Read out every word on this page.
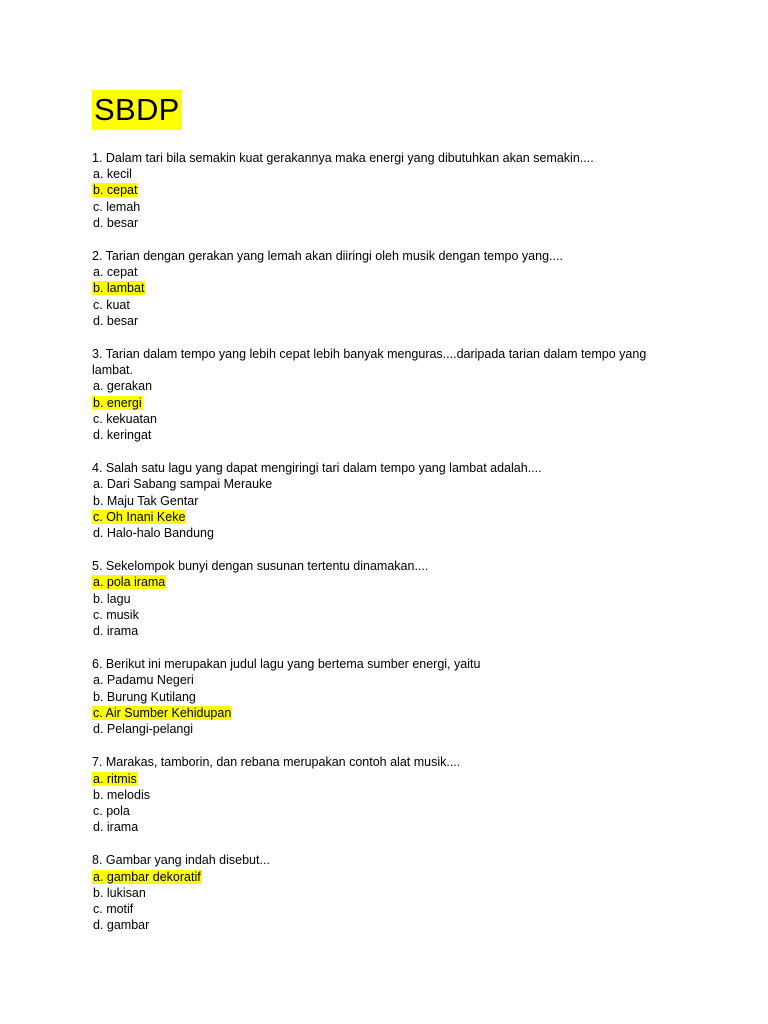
SBDP
1. Dalam tari bila semakin kuat gerakannya maka energi yang dibutuhkan akan semakin....
a. kecil
b. cepat
c. lemah
d. besar
2. Tarian dengan gerakan yang lemah akan diiringi oleh musik dengan tempo yang....
a. cepat
b. lambat
c. kuat
d. besar
3. Tarian dalam tempo yang lebih cepat lebih banyak menguras....daripada tarian dalam tempo yang lambat.
a. gerakan
b. energi
c. kekuatan
d. keringat
4. Salah satu lagu yang dapat mengiringi tari dalam tempo yang lambat adalah....
a. Dari Sabang sampai Merauke
b. Maju Tak Gentar
c. Oh Inani Keke
d. Halo-halo Bandung
5. Sekelompok bunyi dengan susunan tertentu dinamakan....
a. pola irama
b. lagu
c. musik
d. irama
6. Berikut ini merupakan judul lagu yang bertema sumber energi, yaitu
a. Padamu Negeri
b. Burung Kutilang
c. Air Sumber Kehidupan
d. Pelangi-pelangi
7. Marakas, tamborin, dan rebana merupakan contoh alat musik....
a. ritmis
b. melodis
c. pola
d. irama
8. Gambar yang indah disebut...
a. gambar dekoratif
b. lukisan
c. motif
d. gambar
